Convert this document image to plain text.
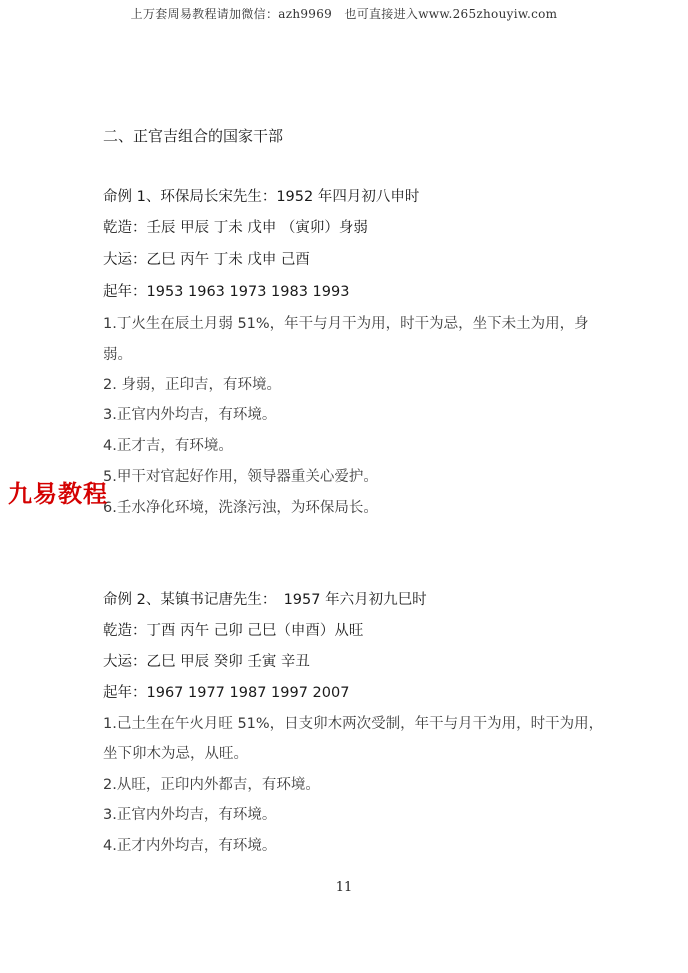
上万套周易教程请加微信：azh9969　也可直接进入www.265zhouyiw.com
二、正官吉组合的国家干部
命例 1、环保局长宋先生：1952 年四月初八申时
乾造：壬辰 甲辰 丁未 戊申 （寅卯）身弱
大运：乙巳 丙午 丁未 戊申 己酉
起年：1953 1963 1973 1983 1993
1.丁火生在辰土月弱 51%，年干与月干为用，时干为忌，坐下未土为用，身
弱。
2. 身弱，正印吉，有环境。
3.正官内外均吉，有环境。
4.正才吉，有环境。
5.甲干对官起好作用，领导器重关心爱护。
6.壬水净化环境，洗涤污浊，为环保局长。
命例 2、某镇书记唐先生：　1957 年六月初九巳时
乾造：丁酉 丙午 己卯 己巳（申酉）从旺
大运：乙巳 甲辰 癸卯 壬寅 辛丑
起年：1967 1977 1987 1997 2007
1.己土生在午火月旺 51%，日支卯木两次受制，年干与月干为用，时干为用，
坐下卯木为忌，从旺。
2.从旺，正印内外都吉，有环境。
3.正官内外均吉，有环境。
4.正才内外均吉，有环境。
九易教程
11
